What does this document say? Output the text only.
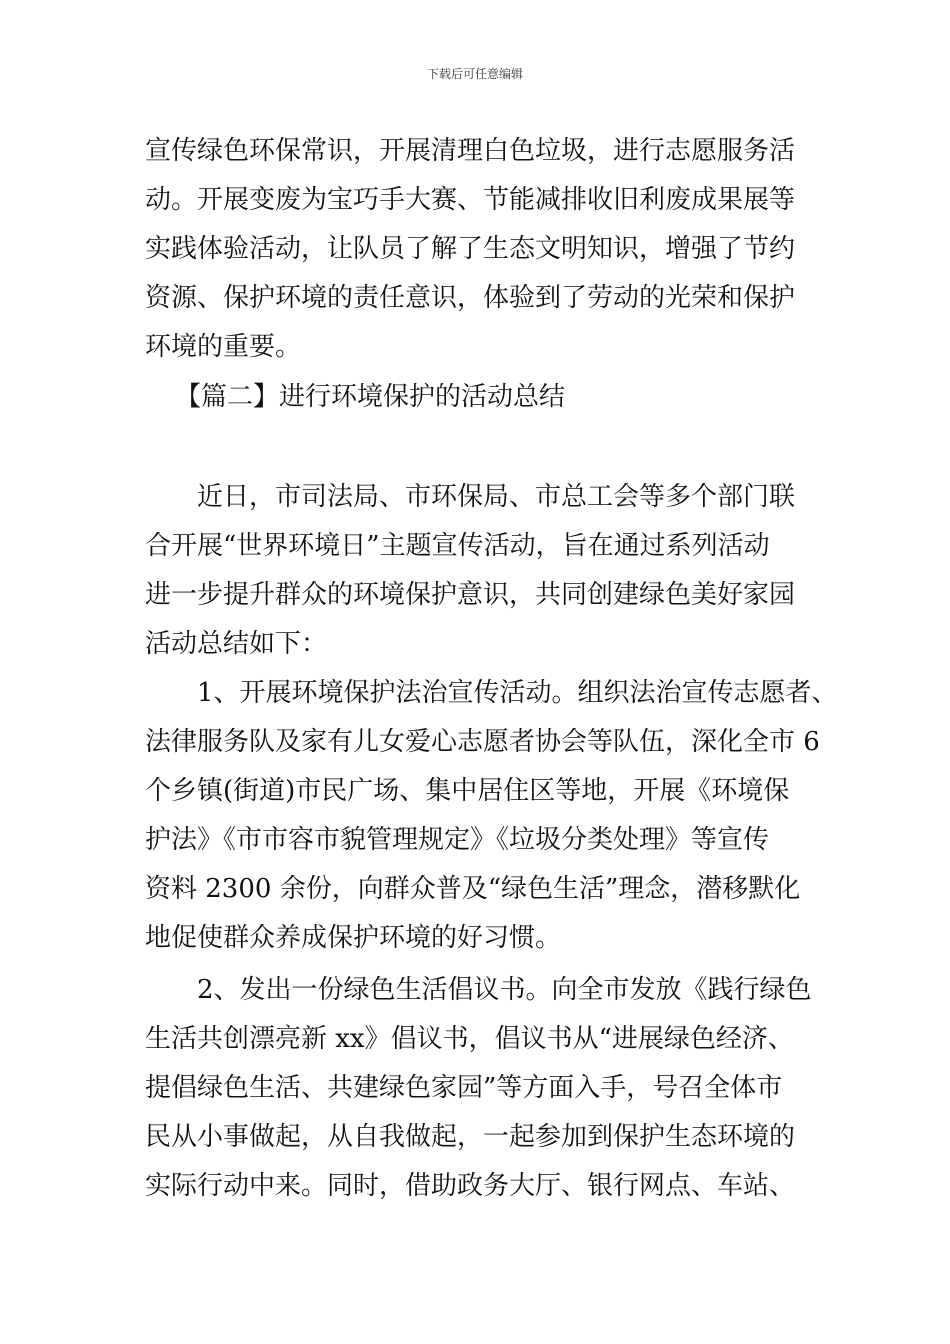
下载后可任意编辑
宣传绿色环保常识，开展清理白色垃圾，进行志愿服务活
动。开展变废为宝巧手大赛、节能减排收旧利废成果展等
实践体验活动，让队员了解了生态文明知识，增强了节约
资源、保护环境的责任意识，体验到了劳动的光荣和保护
环境的重要。
【篇二】进行环境保护的活动总结
近日，市司法局、市环保局、市总工会等多个部门联
合开展“世界环境日”主题宣传活动，旨在通过系列活动
进一步提升群众的环境保护意识，共同创建绿色美好家园
活动总结如下：
1、开展环境保护法治宣传活动。组织法治宣传志愿者、
法律服务队及家有儿女爱心志愿者协会等队伍，深化全市 6
个乡镇(街道)市民广场、集中居住区等地，开展《环境保
护法》《市市容市貌管理规定》《垃圾分类处理》等宣传
资料 2300 余份，向群众普及“绿色生活”理念，潜移默化
地促使群众养成保护环境的好习惯。
2、发出一份绿色生活倡议书。向全市发放《践行绿色
生活共创漂亮新 xx》倡议书，倡议书从“进展绿色经济、
提倡绿色生活、共建绿色家园”等方面入手，号召全体市
民从小事做起，从自我做起，一起参加到保护生态环境的
实际行动中来。同时，借助政务大厅、银行网点、车站、
